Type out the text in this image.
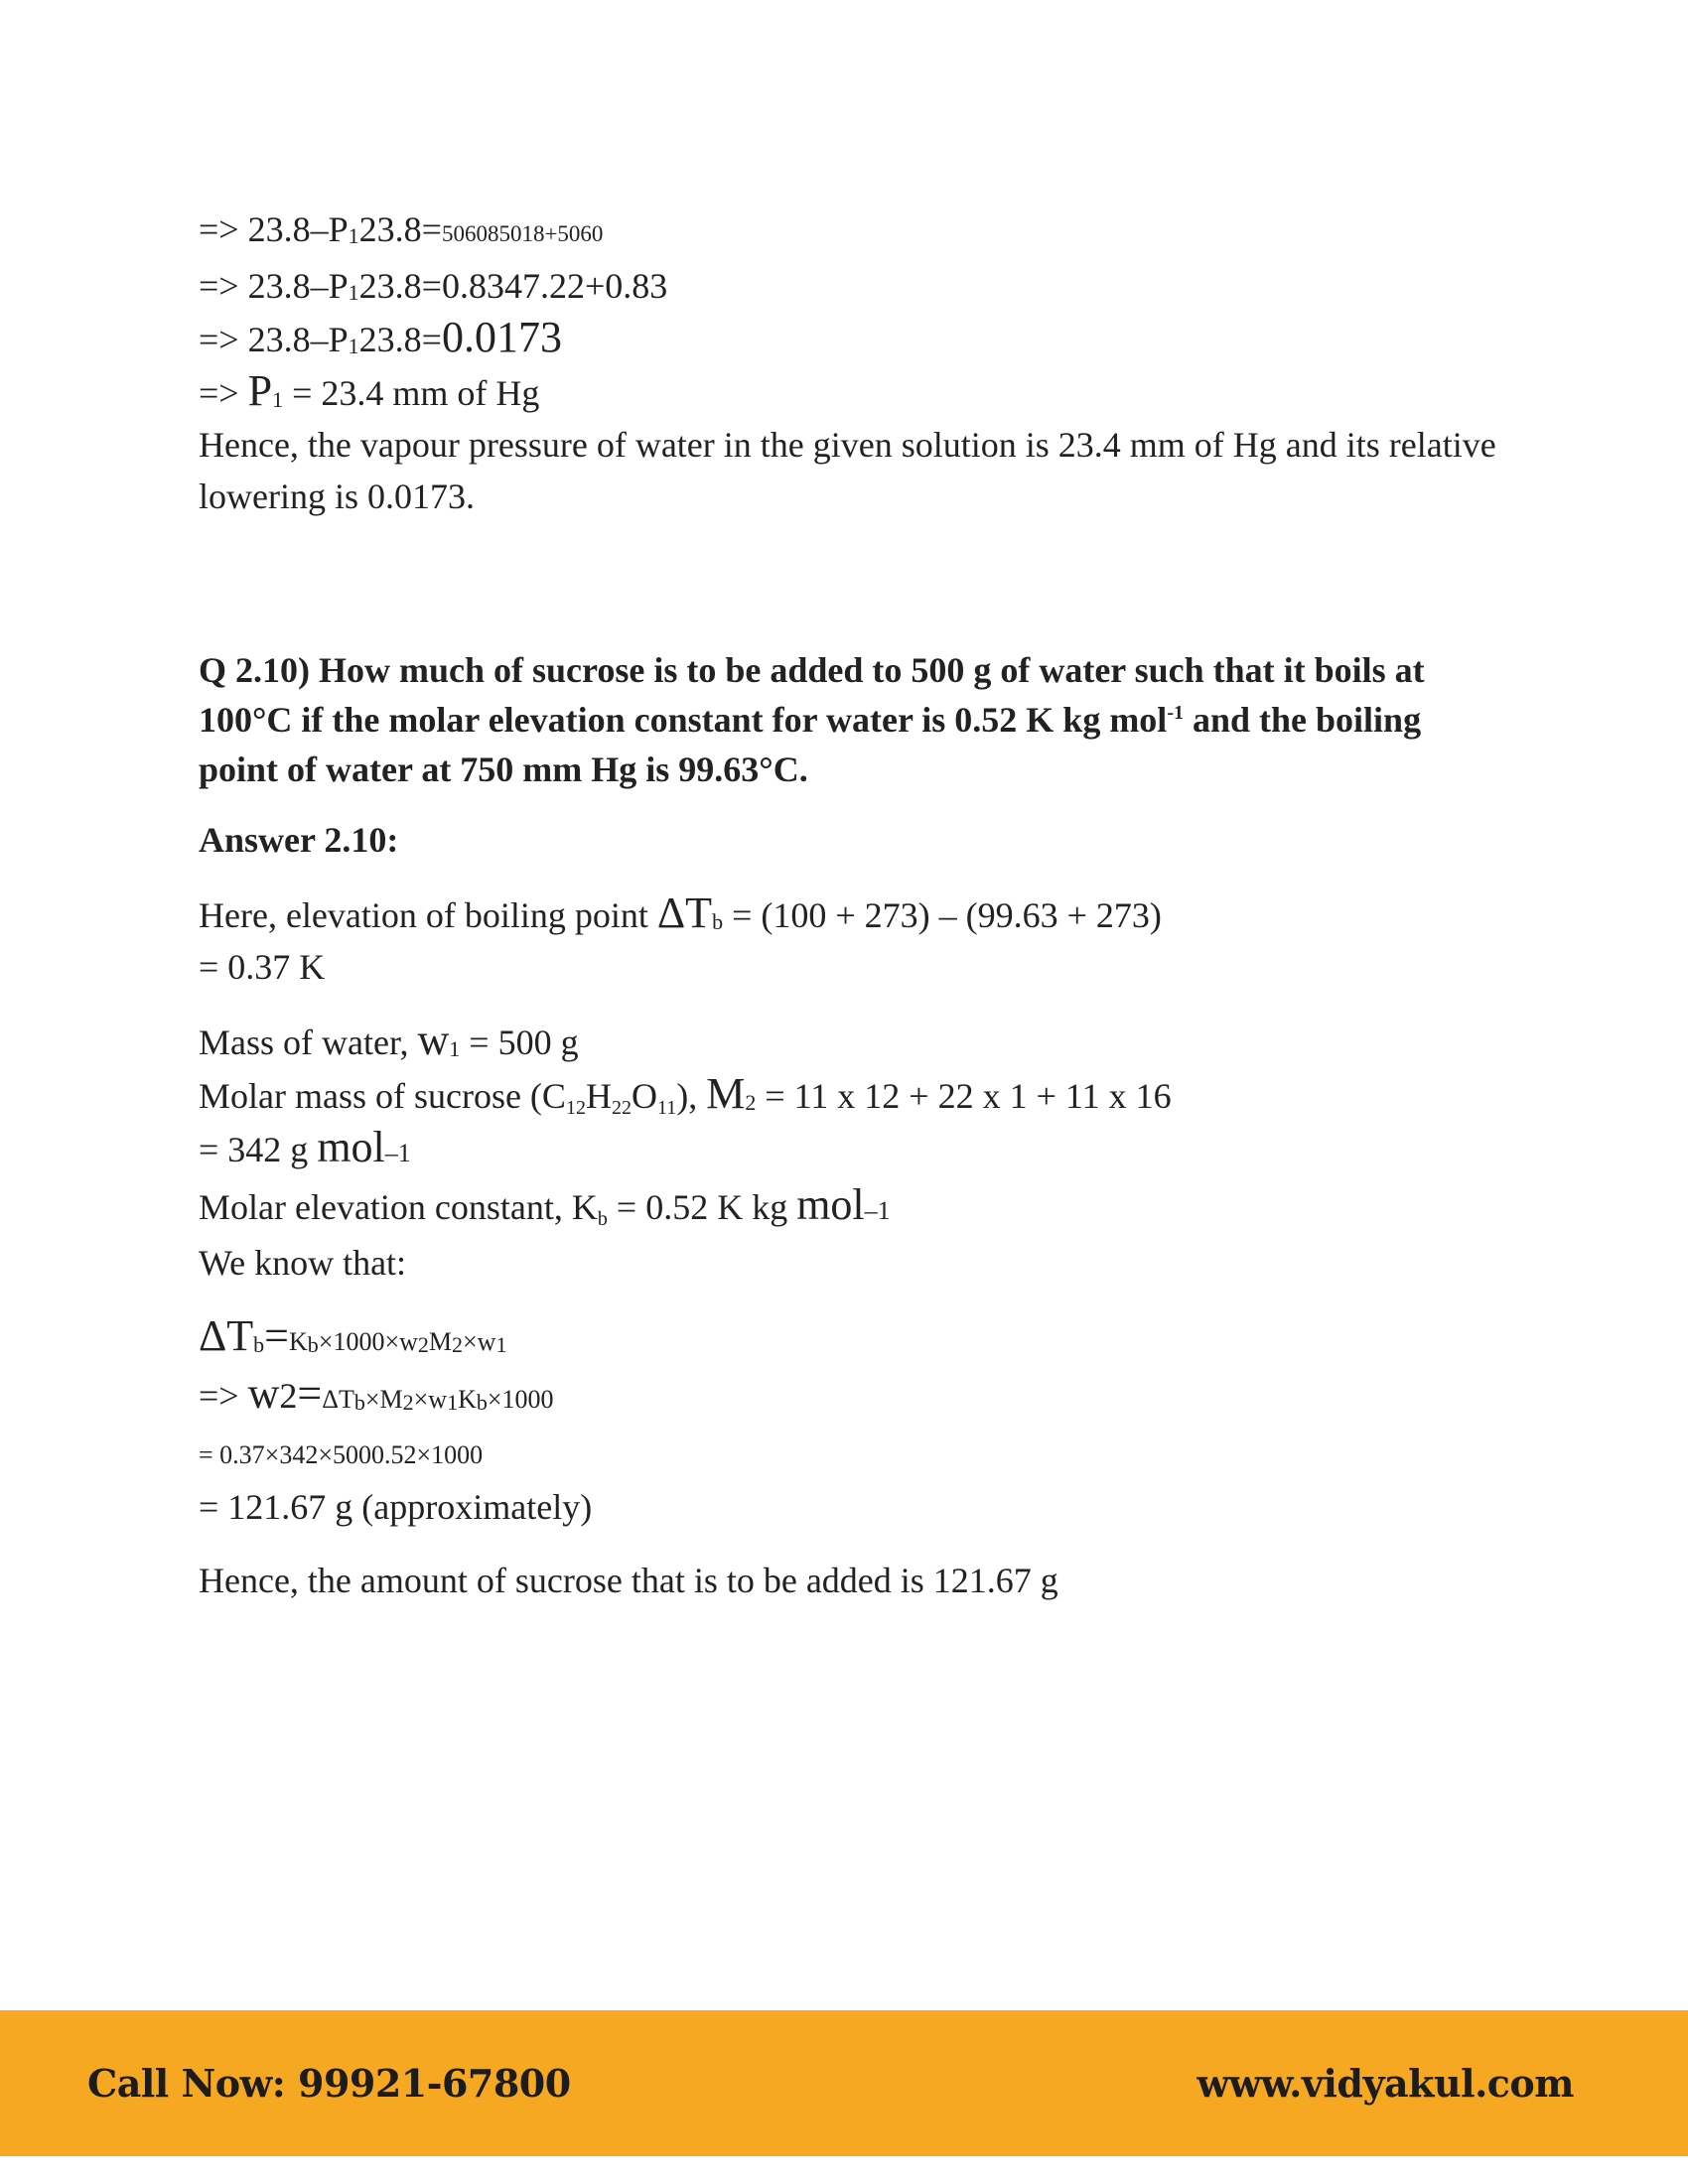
=> 23.8–P123.8=506085018+5060
=> 23.8–P123.8=0.8347.22+0.83
=> 23.8–P123.8=0.0173
=> P1 = 23.4 mm of Hg
Hence, the vapour pressure of water in the given solution is 23.4 mm of Hg and its relative lowering is 0.0173.
Q 2.10) How much of sucrose is to be added to 500 g of water such that it boils at 100°C if the molar elevation constant for water is 0.52 K kg mol$^{-1}$ and the boiling point of water at 750 mm Hg is 99.63°C.
Answer 2.10:
Here, elevation of boiling point ΔTb = (100 + 273) – (99.63 + 273)
= 0.37 K
Mass of water, w1 = 500 g
Molar mass of sucrose (C12H22O11), M2 = 11 x 12 + 22 x 1 + 11 x 16
= 342 g mol–1
Molar elevation constant, Kb = 0.52 K kg mol–1
We know that:
ΔTb=Kb×1000×w2M2×w1
=> w2=ΔTb×M2×w1Kb×1000
= 0.37×342×5000.52×1000
= 121.67 g (approximately)
Hence, the amount of sucrose that is to be added is 121.67 g
Call Now: 99921-67800	www.vidyakul.com
